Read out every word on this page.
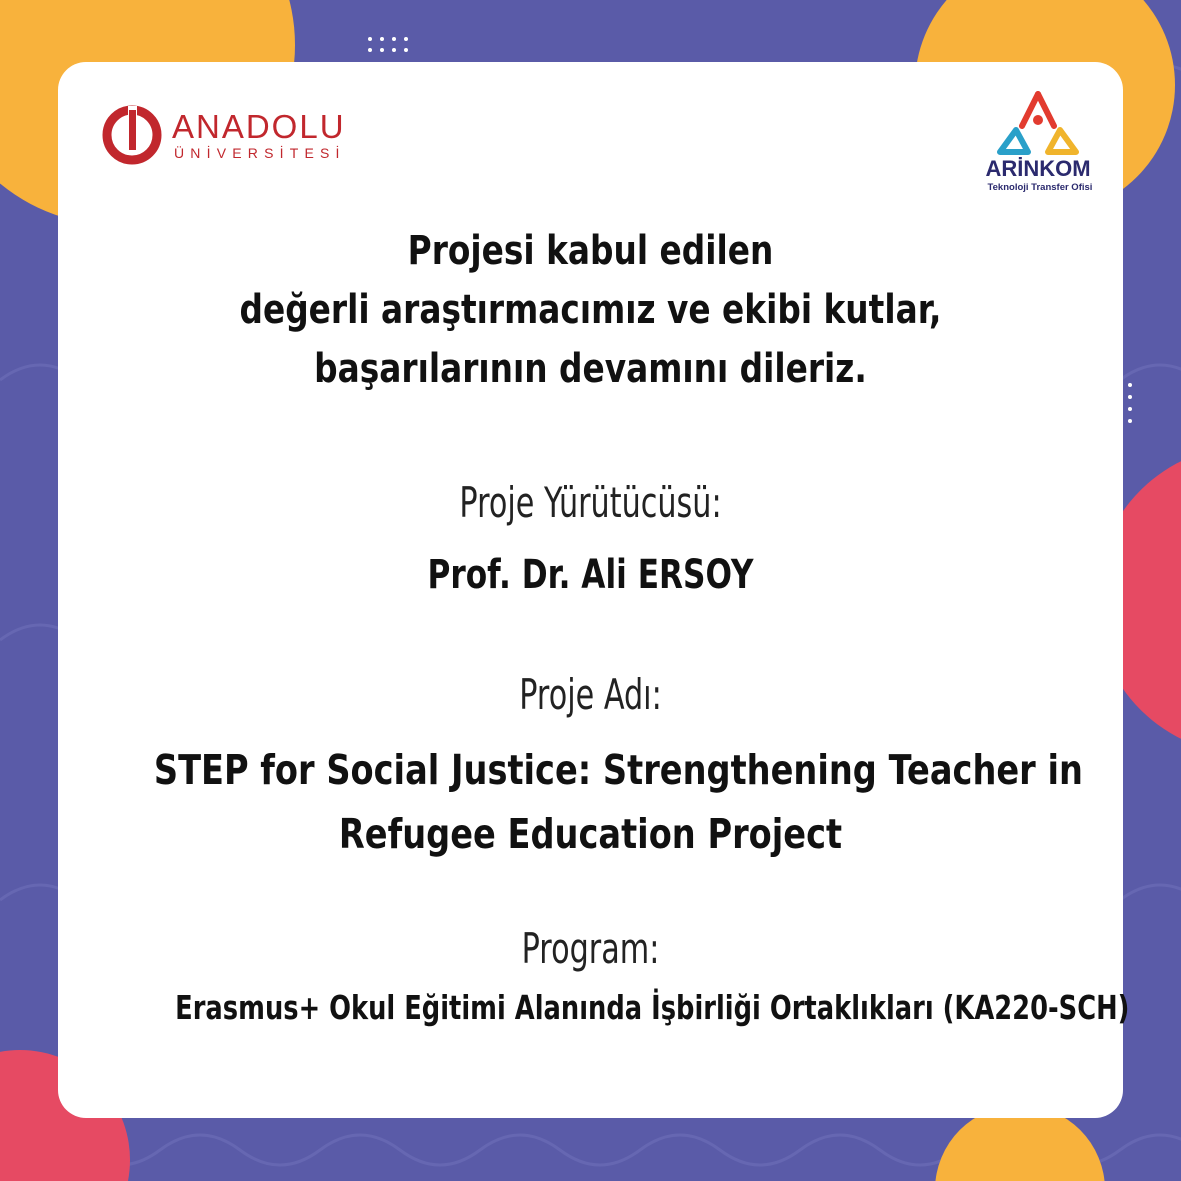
ANADOLU
ÜNİVERSİTESİ
ARİNKOM
Teknoloji Transfer Ofisi
Projesi kabul edilen
değerli araştırmacımız ve ekibi kutlar,
başarılarının devamını dileriz.
Proje Yürütücüsü:
Prof. Dr. Ali ERSOY
Proje Adı:
STEP for Social Justice: Strengthening Teacher in
Refugee Education Project
Program:
Erasmus+ Okul Eğitimi Alanında İşbirliği Ortaklıkları (KA220-SCH)
